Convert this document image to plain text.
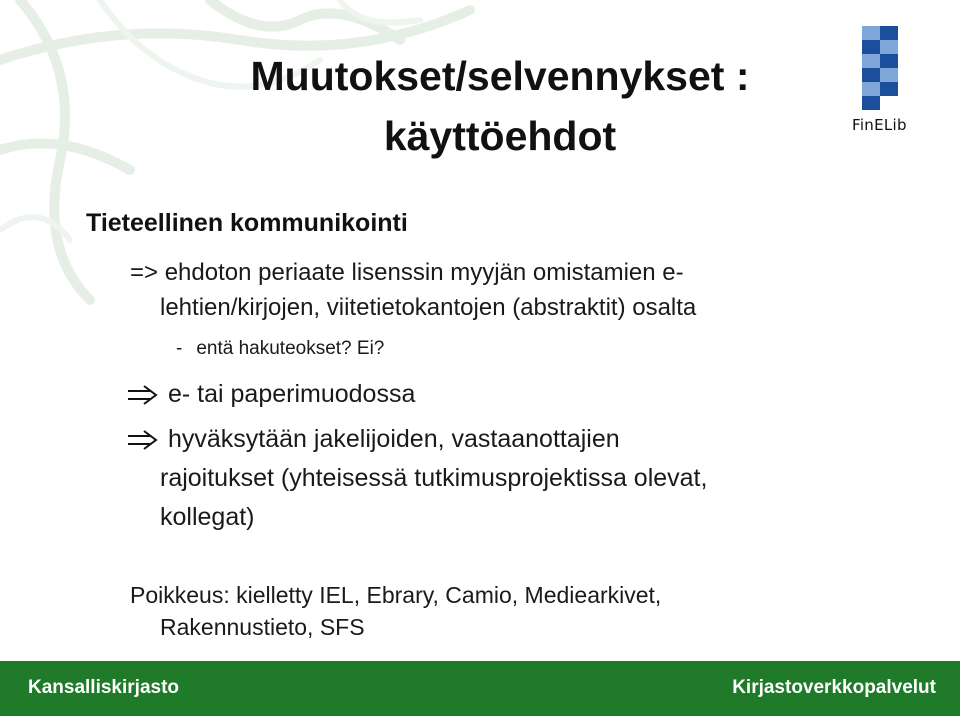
Muutokset/selvennykset :
käyttöehdot	FinELib
Tieteellinen kommunikointi
=> ehdoton periaate lisenssin myyjän omistamien e-
lehtien/kirjojen, viitetietokantojen (abstraktit) osalta
- entä hakuteokset? Ei?
e- tai paperimuodossa
hyväksytään jakelijoiden, vastaanottajien
rajoitukset (yhteisessä tutkimusprojektissa olevat,
kollegat)
Poikkeus: kielletty IEL, Ebrary, Camio, Mediearkivet,
Rakennustieto, SFS
Kansalliskirjasto	Kirjastoverkkopalvelut
